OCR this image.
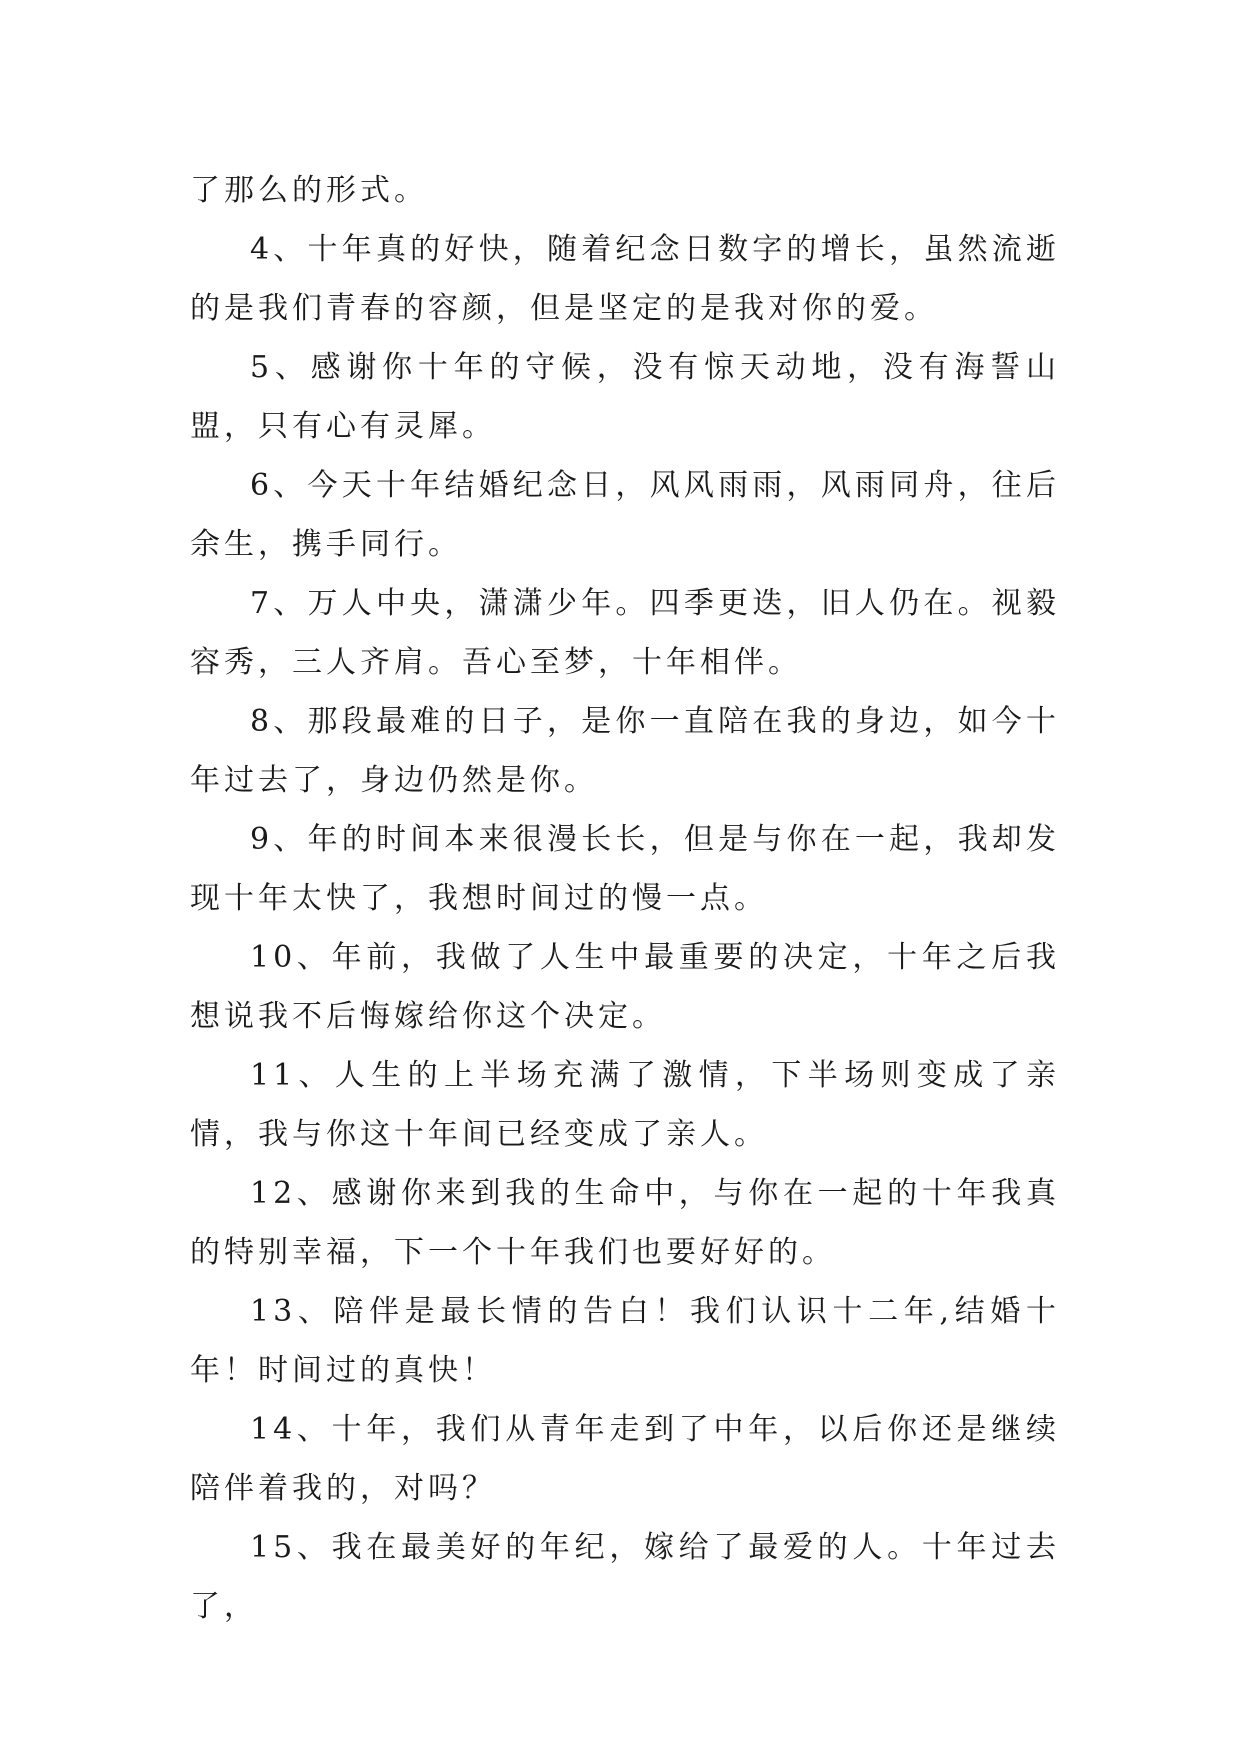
了那么的形式。

4、十年真的好快，随着纪念日数字的增长，虽然流逝的是我们青春的容颜，但是坚定的是我对你的爱。

5、感谢你十年的守候，没有惊天动地，没有海誓山盟，只有心有灵犀。

6、今天十年结婚纪念日，风风雨雨，风雨同舟，往后余生，携手同行。

7、万人中央，潇潇少年。四季更迭，旧人仍在。视毅容秀，三人齐肩。吾心至梦，十年相伴。

8、那段最难的日子，是你一直陪在我的身边，如今十年过去了，身边仍然是你。

9、年的时间本来很漫长长，但是与你在一起，我却发现十年太快了，我想时间过的慢一点。

10、年前，我做了人生中最重要的决定，十年之后我想说我不后悔嫁给你这个决定。

11、人生的上半场充满了激情，下半场则变成了亲情，我与你这十年间已经变成了亲人。

12、感谢你来到我的生命中，与你在一起的十年我真的特别幸福，下一个十年我们也要好好的。

13、陪伴是最长情的告白！我们认识十二年,结婚十年！时间过的真快！

14、十年，我们从青年走到了中年，以后你还是继续陪伴着我的，对吗？

15、我在最美好的年纪，嫁给了最爱的人。十年过去了，
